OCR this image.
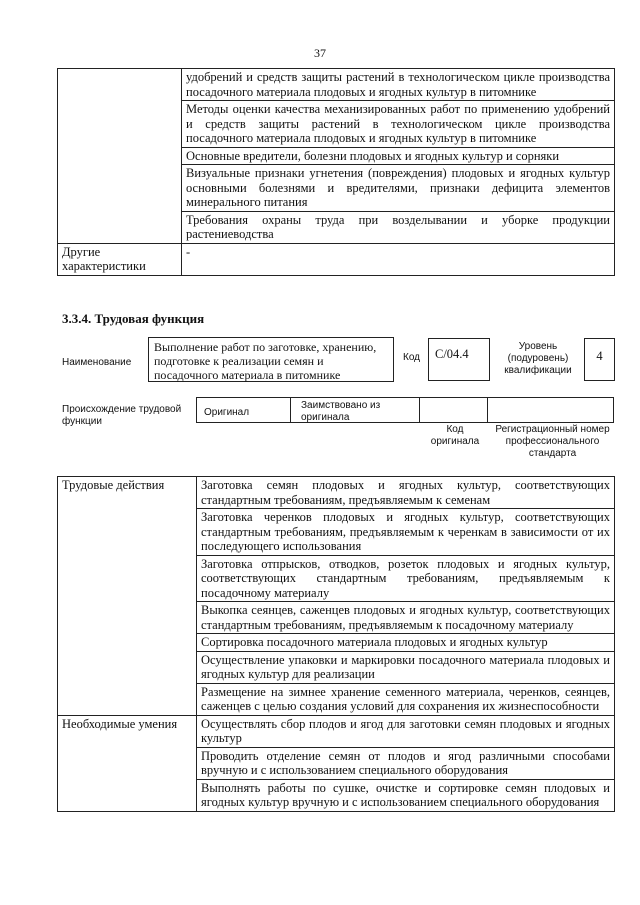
37
	удобрений и средств защиты растений в технологическом цикле производства посадочного материала плодовых и ягодных культур в питомнике
	Методы оценки качества механизированных работ по применению удобрений и средств защиты растений в технологическом цикле производства посадочного материала плодовых и ягодных культур в питомнике
	Основные вредители, болезни плодовых и ягодных культур и сорняки
	Визуальные признаки угнетения (повреждения) плодовых и ягодных культур основными болезнями и вредителями, признаки дефицита элементов минерального питания
	Требования охраны труда при возделывании и уборке продукции растениеводства
Другие характеристики	-
3.3.4. Трудовая функция
Наименование
Выполнение работ по заготовке, хранению, подготовке к реализации семян и посадочного материала в питомнике
Код	C/04.4
Уровень (подуровень) квалификации
4
Происхождение трудовой функции
Оригинал
Заимствовано из оригинала
Код оригинала
Регистрационный номер профессионального стандарта
Трудовые действия	Заготовка семян плодовых и ягодных культур, соответствующих стандартным требованиям, предъявляемым к семенам
	Заготовка черенков плодовых и ягодных культур, соответствующих стандартным требованиям, предъявляемым к черенкам в зависимости от их последующего использования
	Заготовка отпрысков, отводков, розеток плодовых и ягодных культур, соответствующих стандартным требованиям, предъявляемым к посадочному материалу
	Выкопка сеянцев, саженцев плодовых и ягодных культур, соответствующих стандартным требованиям, предъявляемым к посадочному материалу
	Сортировка посадочного материала плодовых и ягодных культур
	Осуществление упаковки и маркировки посадочного материала плодовых и ягодных культур для реализации
	Размещение на зимнее хранение семенного материала, черенков, сеянцев, саженцев с целью создания условий для сохранения их жизнеспособности
Необходимые умения	Осуществлять сбор плодов и ягод для заготовки семян плодовых и ягодных культур
	Проводить отделение семян от плодов и ягод различными способами вручную и с использованием специального оборудования
	Выполнять работы по сушке, очистке и сортировке семян плодовых и ягодных культур вручную и с использованием специального оборудования
